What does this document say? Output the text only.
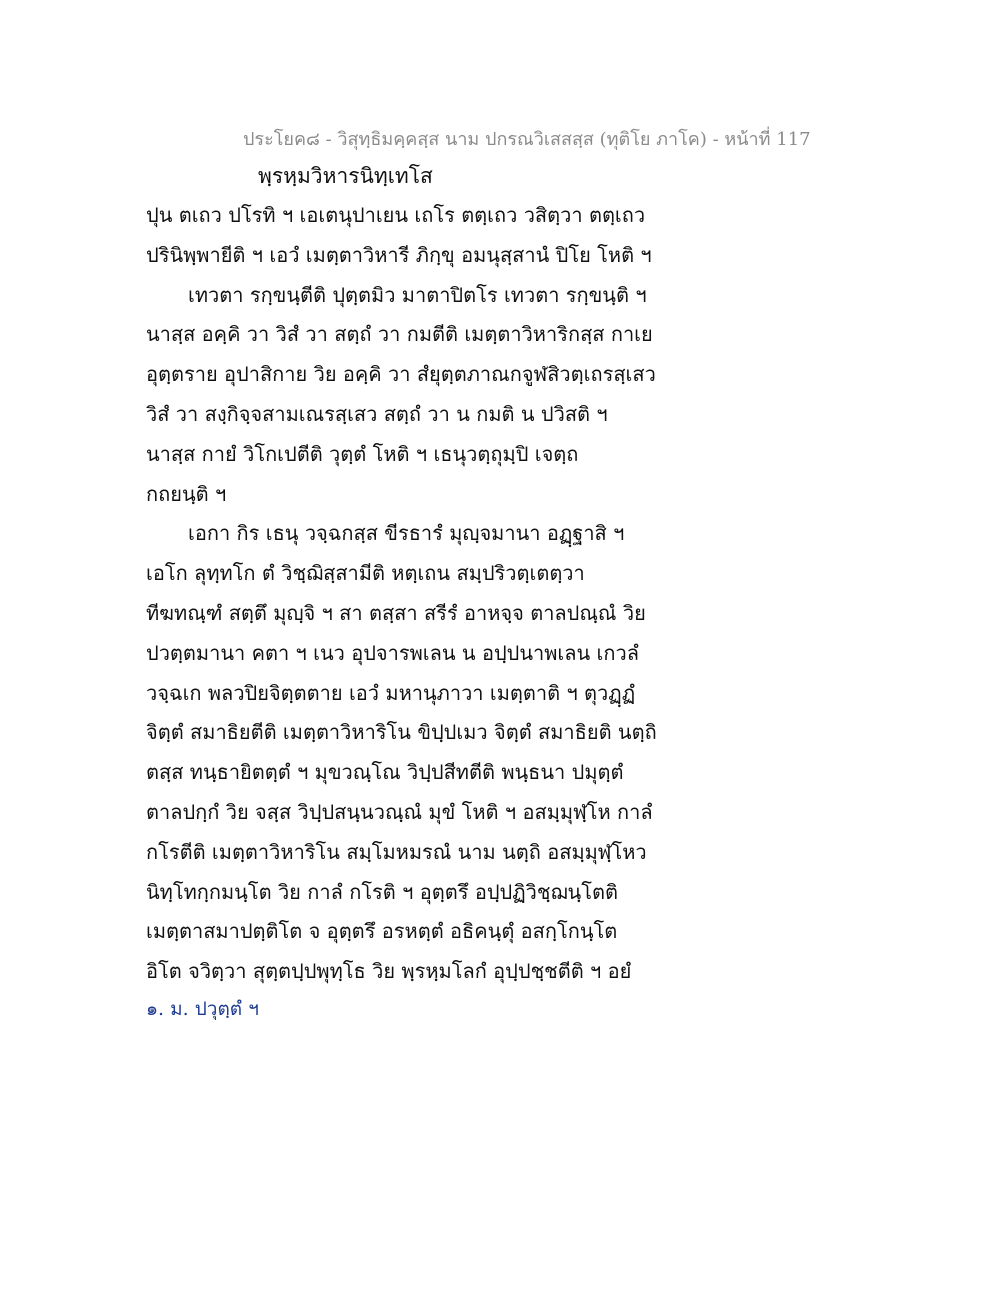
ประโยค๘ - วิสุทฺธิมคฺคสฺส นาม ปกรณวิเสสสฺส (ทุติโย ภาโค) - หน้าที่ 117
พฺรหฺมวิหารนิทฺเทโส
ปุน ตเถว ปโรทิ ฯ เอเตนุปาเยน เถโร ตตฺเถว วสิตฺวา ตตฺเถว
ปรินิพฺพายีติ ฯ เอวํ เมตฺตาวิหารี ภิกฺขุ อมนุสฺสานํ ปิโย โหติ ฯ
เทวตา รกฺขนฺตีติ ปุตฺตมิว มาตาปิตโร เทวตา รกฺขนฺติ ฯ
นาสฺส อคฺคิ วา วิสํ วา สตฺถํ วา กมตีติ เมตฺตาวิหาริกสฺส กาเย
อุตฺตราย อุปาสิกาย วิย อคฺคิ วา สํยุตฺตภาณกจูฬสิวตฺเถรสฺเสว
วิสํ วา สงฺกิจฺจสามเณรสฺเสว สตฺถํ วา น กมติ น ปวิสติ ฯ
นาสฺส กายํ วิโกเปตีติ วุตฺตํ โหติ ฯ เธนุวตฺถุมฺปิ เจตฺถ
กถยนฺติ ฯ
เอกา กิร เธนุ วจฺฉกสฺส ขีรธารํ มุญฺจมานา อฏฺฐาสิ ฯ
เอโก ลุทฺทโก ตํ วิชฺฌิสฺสามีติ หตฺเถน สมฺปริวตฺเตตฺวา
ทีฆทณฺฑํ สตฺตึ มุญฺจิ ฯ สา ตสฺสา สรีรํ อาหจฺจ ตาลปณฺณํ วิย
ปวตฺตมานา คตา ฯ เนว อุปจารพเลน น อปฺปนาพเลน เกวลํ
วจฺฉเก พลวปิยจิตฺตตาย เอวํ มหานุภาวา เมตฺตาติ ฯ ตุวฏฺฏํ
จิตฺตํ สมาธิยตีติ เมตฺตาวิหาริโน ขิปฺปเมว จิตฺตํ สมาธิยติ นตฺถิ
ตสฺส ทนฺธายิตตฺตํ ฯ มุขวณฺโณ วิปฺปสีทตีติ พนฺธนา ปมุตฺตํ
ตาลปกฺกํ วิย จสฺส วิปฺปสนฺนวณฺณํ มุขํ โหติ ฯ อสมฺมุฬฺโห กาลํ
กโรตีติ เมตฺตาวิหาริโน สมฺโมหมรณํ นาม นตฺถิ อสมฺมุฬฺโหว
นิทฺโทกฺกมนฺโต วิย กาลํ กโรติ ฯ อุตฺตรึ อปฺปฏิวิชฺฌนฺโตติ
เมตฺตาสมาปตฺติโต จ อุตฺตรึ อรหตฺตํ อธิคนฺตุํ อสกฺโกนฺโต
อิโต จวิตฺวา สุตฺตปฺปพุทฺโธ วิย พฺรหฺมโลกํ อุปฺปชฺชตีติ ฯ อยํ
๑. ม. ปวุตฺตํ ฯ
